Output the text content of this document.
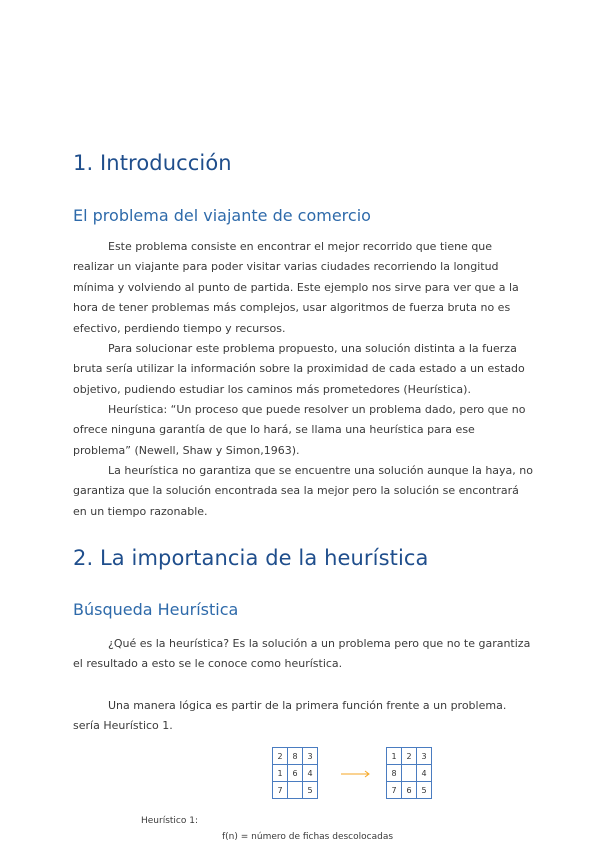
1. Introducción
El problema del viajante de comercio

Este problema consiste en encontrar el mejor recorrido que tiene que realizar un viajante para poder visitar varias ciudades recorriendo la longitud mínima y volviendo al punto de partida. Este ejemplo nos sirve para ver que a la hora de tener problemas más complejos, usar algoritmos de fuerza bruta no es efectivo, perdiendo tiempo y recursos.

Para solucionar este problema propuesto, una solución distinta a la fuerza bruta sería utilizar la información sobre la proximidad de cada estado a un estado objetivo, pudiendo estudiar los caminos más prometedores (Heurística).

Heurística: “Un proceso que puede resolver un problema dado, pero que no ofrece ninguna garantía de que lo hará, se llama una heurística para ese problema” (Newell, Shaw y Simon,1963).

La heurística no garantiza que se encuentre una solución aunque la haya, no garantiza que la solución encontrada sea la mejor pero la solución se encontrará en un tiempo razonable.

2. La importancia de la heurística
Búsqueda Heurística

¿Qué es la heurística? Es la solución a un problema pero que no te garantiza el resultado a esto se le conoce como heurística.

Una manera lógica es partir de la primera función frente a un problema. sería Heurístico 1.

2	8	3
1	6	4
7		5
1	2	3
8		4
7	6	5

Heurístico 1:

f(n) = número de fichas descolocadas
